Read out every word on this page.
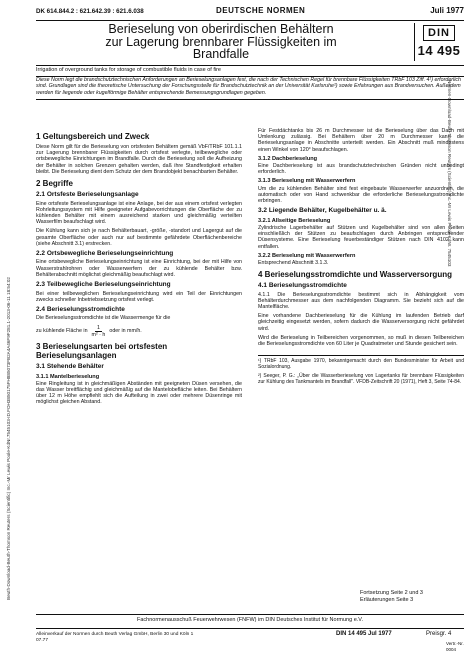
Beuth-Download-Beuth-Thomson Reuters (Scientific) Inc.-Mr Lewis Poole-KdNr.7545103-ID.FOH3850175FH885073FB2A4A46F9F281.1-2013-06-11 18:54:02
Normen-Download-Beuth-Thomson Reuters (Scientific) Inc.-Mr Lewis Poole-KdNr. 7545103
DK 614.844.2 : 621.642.39 : 621.6.038	DEUTSCHE NORMEN	Juli 1977
Berieselung von oberirdischen Behältern
zur Lagerung brennbarer Flüssigkeiten im
Brandfalle
DIN
14 495
Irrigation of overground tanks for storage of combustible fluids in case of fire
Diese Norm legt die brandschutztechnischen Anforderungen an Berieselungsanlagen fest, die nach der Technischen Regel für brennbare Flüssigkeiten TRbF 103 Ziff. 4¹) erforderlich sind. Grundlagen sind die theoretische Untersuchung der Forschungsstelle für Brandschutztechnik an der Universität Karlsruhe²) sowie Erfahrungen aus Brandversuchen. Außerdem werden für liegende oder kugelförmige Behälter entsprechende Bemessungsgrundlagen gegeben.
1 Geltungsbereich und Zweck

Diese Norm gilt für die Berieselung von ortsfesten Behältern gemäß VbF/TRbF 101.1.1 zur Lagerung brennbarer Flüssigkeiten durch ortsfest verlegte, teilbewegliche oder ortsbewegliche Einrichtungen im Brandfalle. Durch die Berieselung soll die Aufheizung der Behälter in solchen Grenzen gehalten werden, daß ihre Standfestigkeit erhalten bleibt. Die Berieselung dient dem Schutz der dem Brandobjekt benachbarten Behälter.

2 Begriffe
2.1 Ortsfeste Berieselungsanlage

Eine ortsfeste Berieselungsanlage ist eine Anlage, bei der aus einem ortsfest verlegten Rohrleitungssystem mit Hilfe geeigneter Aufgabevorrichtungen die Oberfläche der zu kühlenden Behälter mit einem ausreichend starken und gleichmäßig verteilten Wasserfilm beaufschlagt wird.

Die Kühlung kann sich je nach Behälterbauart, -größe, -standort und Lagergut auf die gesamte Oberfläche oder auch nur auf bestimmte gefährdete Oberflächenbereiche (siehe Abschnitt 3.1) erstrecken.

2.2 Ortsbewegliche Berieselungseinrichtung

Eine ortsbewegliche Berieselungseinrichtung ist eine Einrichtung, bei der mit Hilfe von Wasserstrahlrohren oder Wasserwerfern der zu kühlende Behälter bzw. Behälterabschnitt möglichst gleichmäßig beaufschlagt wird.

2.3 Teilbewegliche Berieselungseinrichtung

Bei einer teilbeweglichen Berieselungseinrichtung wird ein Teil der Einrichtungen zwecks schneller Inbetriebsetzung ortsfest verlegt.

2.4 Berieselungsstromdichte

Die Berieselungsstromdichte ist die Wassermenge für die

zu kühlende Fläche in $\frac{1}{\text{m² · h}}$ oder in mm/h.
3 Berieselungsarten bei ortsfesten Berieselungsanlagen
3.1 Stehende Behälter
3.1.1 Mantelberieselung

Eine Ringleitung ist in gleichmäßigen Abständen mit geeigneten Düsen versehen, die das Wasser breitflächig und gleichmäßig auf die Mantelobefläche leiten. Bei Behältern über 12 m Höhe empfiehlt sich die Aufteilung in zwei oder mehrere Düsenringe mit möglichst gleichen Abstand.

Für Festdächtanks bis 26 m Durchmesser ist die Berieselung über das Dach mit Umlenkung zulässig. Bei Behältern über 20 m Durchmesser kann die Berieselungsanlage in Abschnitte unterteilt werden. Ein Abschnitt muß mindestens einen Winkel von 120° beaufschlagen.

3.1.2 Dachberieselung

Eine Dachberieselung ist aus brandschutztechnischen Gründen nicht unbedingt erforderlich.

3.1.3 Berieselung mit Wasserwerfern

Um die zu kühlenden Behälter sind fest eingebaute Wasserwerfer anzuordnen, die automatisch oder von Hand schwenkbar die erforderliche Berieselungsstromdichte erbringen.

3.2 Liegende Behälter, Kugelbehälter u. ä.
3.2.1 Allseitige Berieselung

Zylindrische Lagerbehälter auf Stützen und Kugelbehälter sind von allen Seiten einschließlich der Stützen zu beaufschlagen durch Anbringen entsprechender Düsensysteme. Eine Berieselung feuerbeständiger Stützen nach DIN 4102 kann entfallen.

3.2.2 Berieselung mit Wasserwerfern

Entsprechend Abschnitt 3.1.3.

4 Berieselungsstromdichte und Wasserversorgung
4.1 Berieselungsstromdichte

4.1.1 Die Berieselungsstromdichte bestimmt sich in Abhängigkeit vom Behälterdurchmesser aus dem nachfolgenden Diagramm. Sie bezieht sich auf die Mantelfläche.

Eine vorhandene Dachberieselung für die Kühlung im laufenden Betrieb darf gleichzeitig eingesetzt werden, sofern dadurch die Wasserversorgung nicht gefährdet wird.

Wird die Berieselung in Teilbereichen vorgenommen, so muß in diesen Teilbereichen die Berieselungsstromdichte von 60 Liter je Quadratmeter und Stunde gesichert sein.

¹) TRbF 103, Ausgabe 1970, bekanntgemacht durch den Bundesminister für Arbeit und Sozialordnung.

²) Seeger, P. G.: „Über die Wasserberieselung von Lagertanks für brennbare Flüssigkeiten zur Kühlung des Tankmantels im Brandfall". VFDB-Zeitschrift 20 (1971), Heft 3, Seite 74-84.

Fortsetzung Seite 2 und 3
Erläuterungen Seite 3
Fachnormenausschuß Feuerwehrwesen (FNFW) im DIN Deutsches Institut für Normung e.V.
Alleinverkauf der Normen durch Beuth Verlag GmbH, Berlin 30 und Köln 1
07.77
DIN 14 495 Jul 1977	Preisgr. 4
Vertr.-Nr. 0004
